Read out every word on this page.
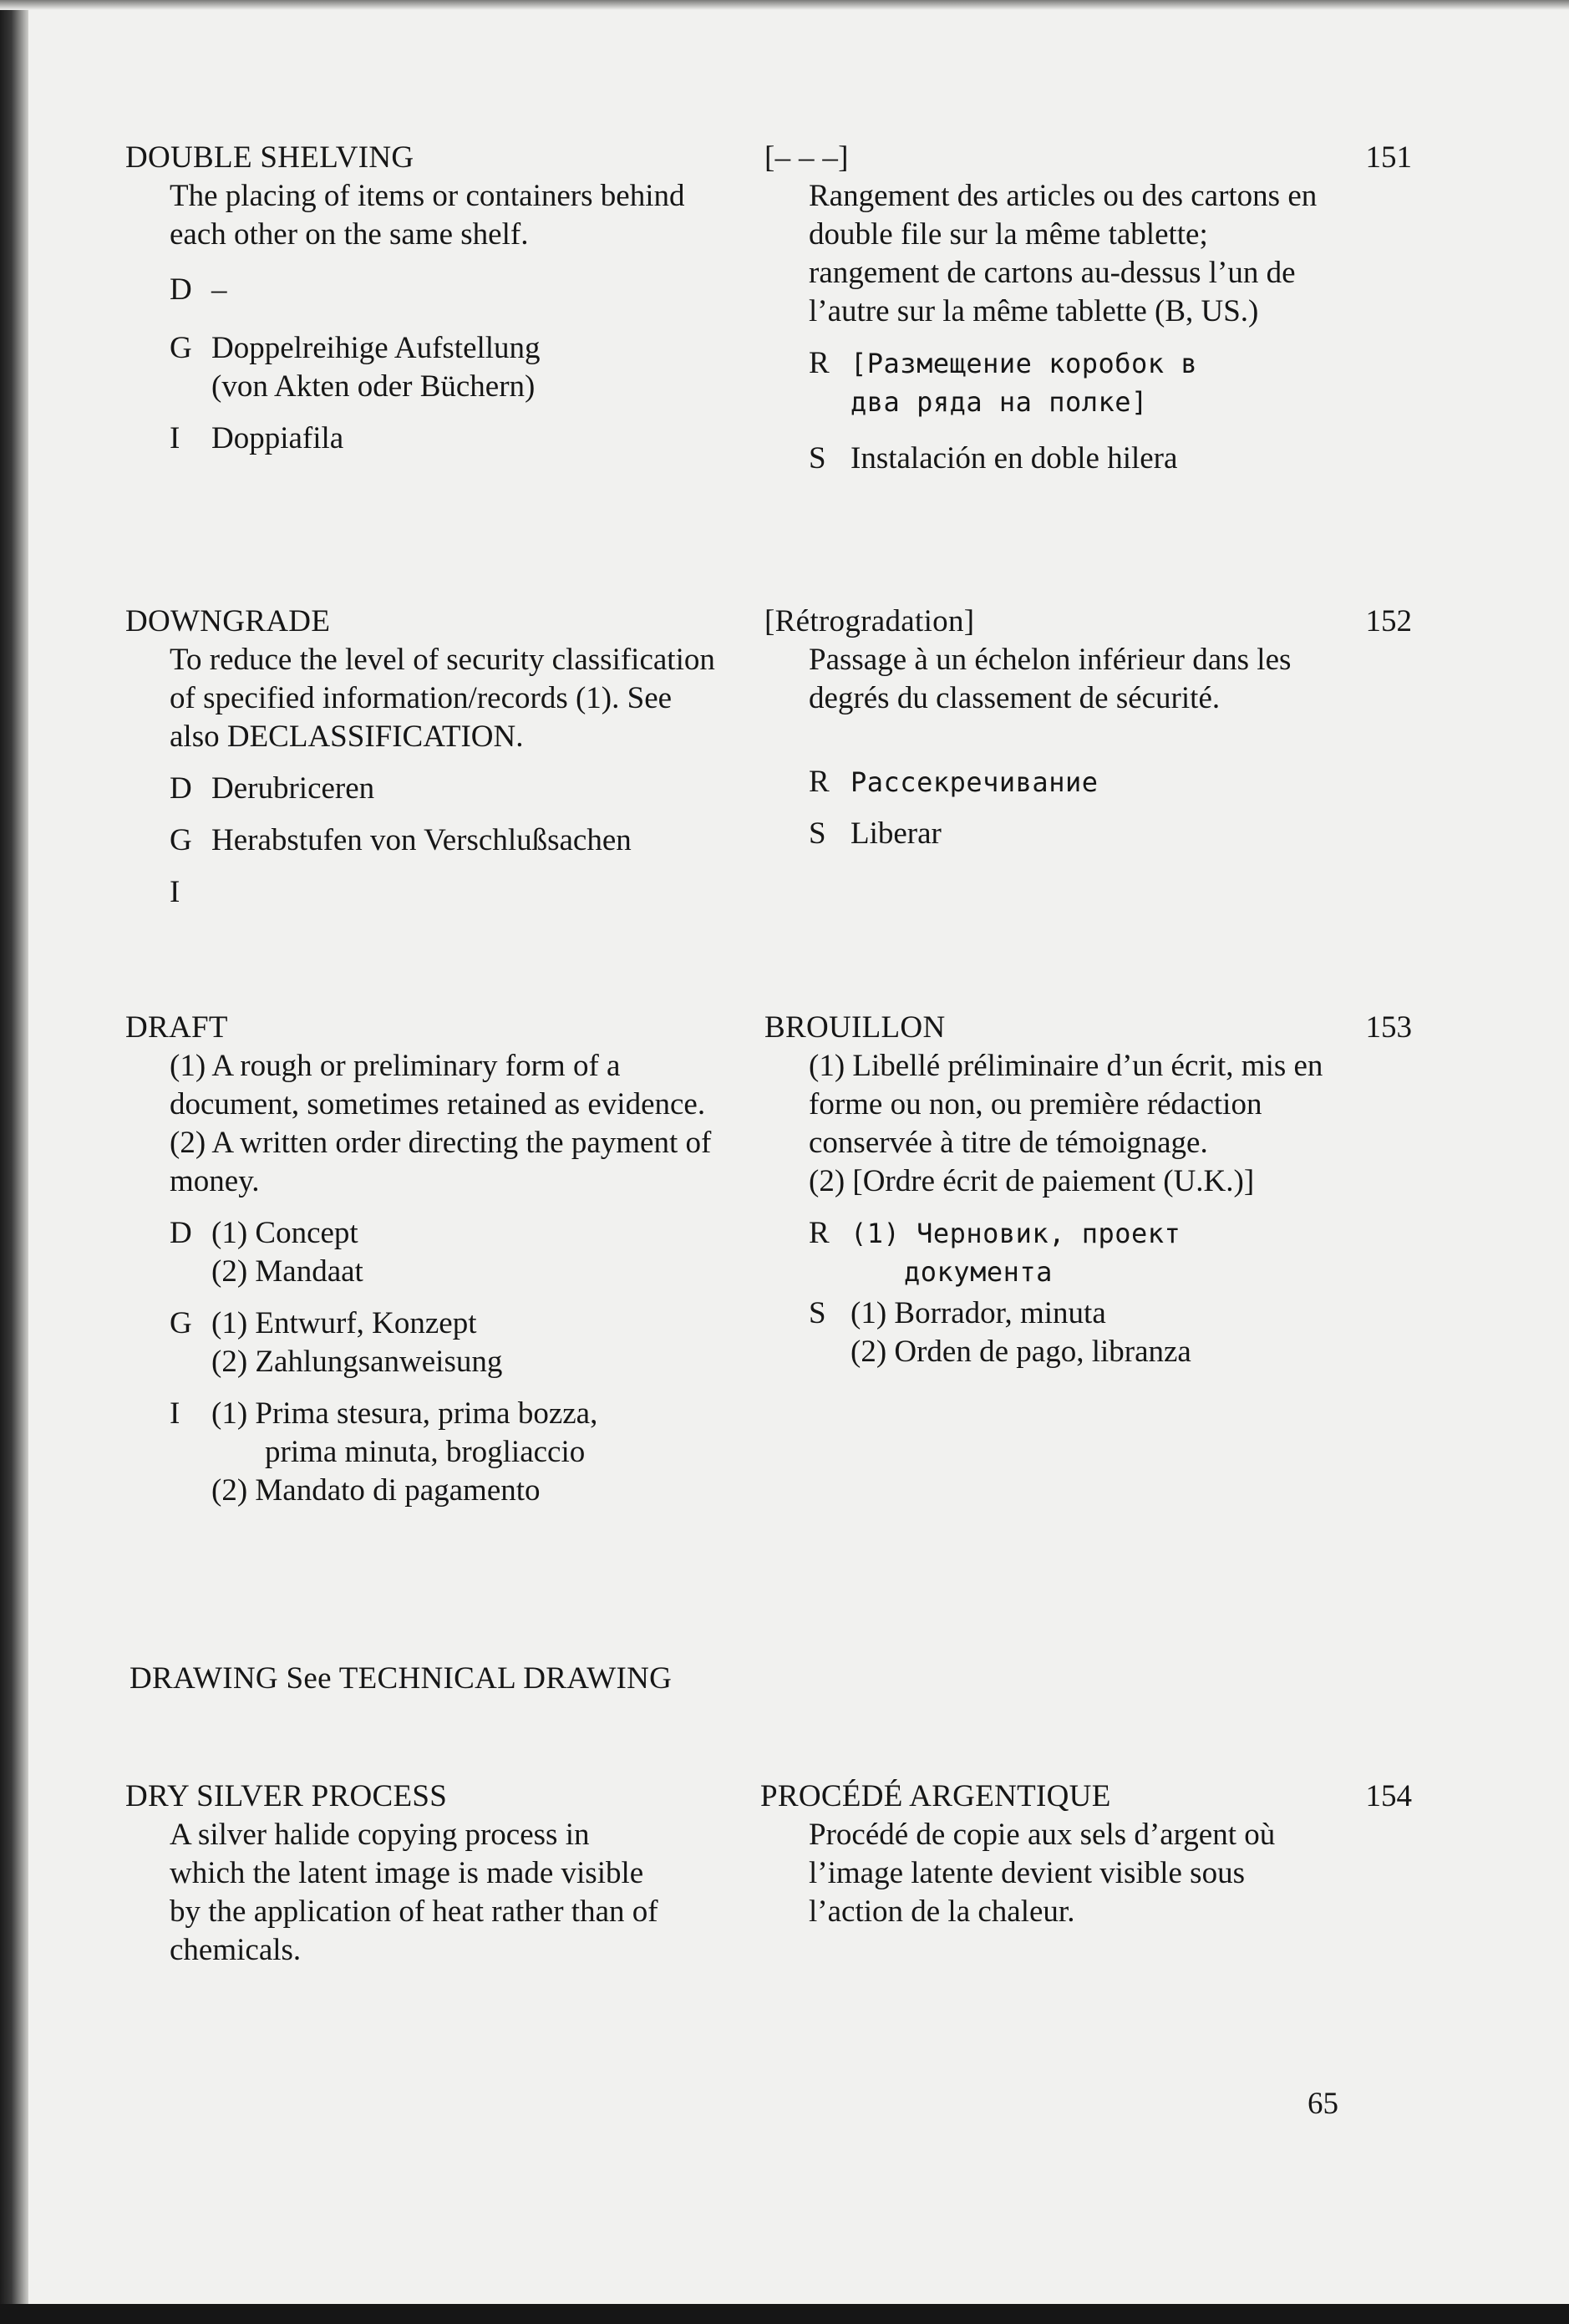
DOUBLE SHELVING
The placing of items or containers behind each other on the same shelf.
D –
G Doppelreihige Aufstellung
(von Akten oder Büchern)
I	Doppiafila
[– – –]
Rangement des articles ou des cartons en double file sur la même tablette; rangement de cartons au-dessus l’un de l’autre sur la même tablette (B, US.)
R [Размещение коробок в
два ряда на полке]
S Instalación en doble hilera
151
DOWNGRADE
To reduce the level of security classification of specified information/records (1). See also DECLASSIFICATION.
D Derubriceren
G Herabstufen von Verschlußsachen
I
[Rétrogradation]
Passage à un échelon inférieur dans les degrés du classement de sécurité.
R Рассекречивание
S Liberar
152
DRAFT
(1) A rough or preliminary form of a document, sometimes retained as evidence.
(2) A written order directing the payment of money.
D (1) Concept
(2) Mandaat
G (1) Entwurf, Konzept
(2) Zahlungsanweisung
I	(1) Prima stesura, prima bozza, prima minuta, brogliaccio
(2) Mandato di pagamento
BROUILLON
(1) Libellé préliminaire d’un écrit, mis en forme ou non, ou première rédaction conservée à titre de témoignage.
(2) [Ordre écrit de paiement (U.K.)]
R (1) Черновик, проект документа
S (1) Borrador, minuta
(2) Orden de pago, libranza
153
DRAWING See TECHNICAL DRAWING
DRY SILVER PROCESS
A silver halide copying process in which the latent image is made visible by the application of heat rather than of chemicals.
PROCÉDÉ ARGENTIQUE
Procédé de copie aux sels d’argent où l’image latente devient visible sous l’action de la chaleur.
154
65
